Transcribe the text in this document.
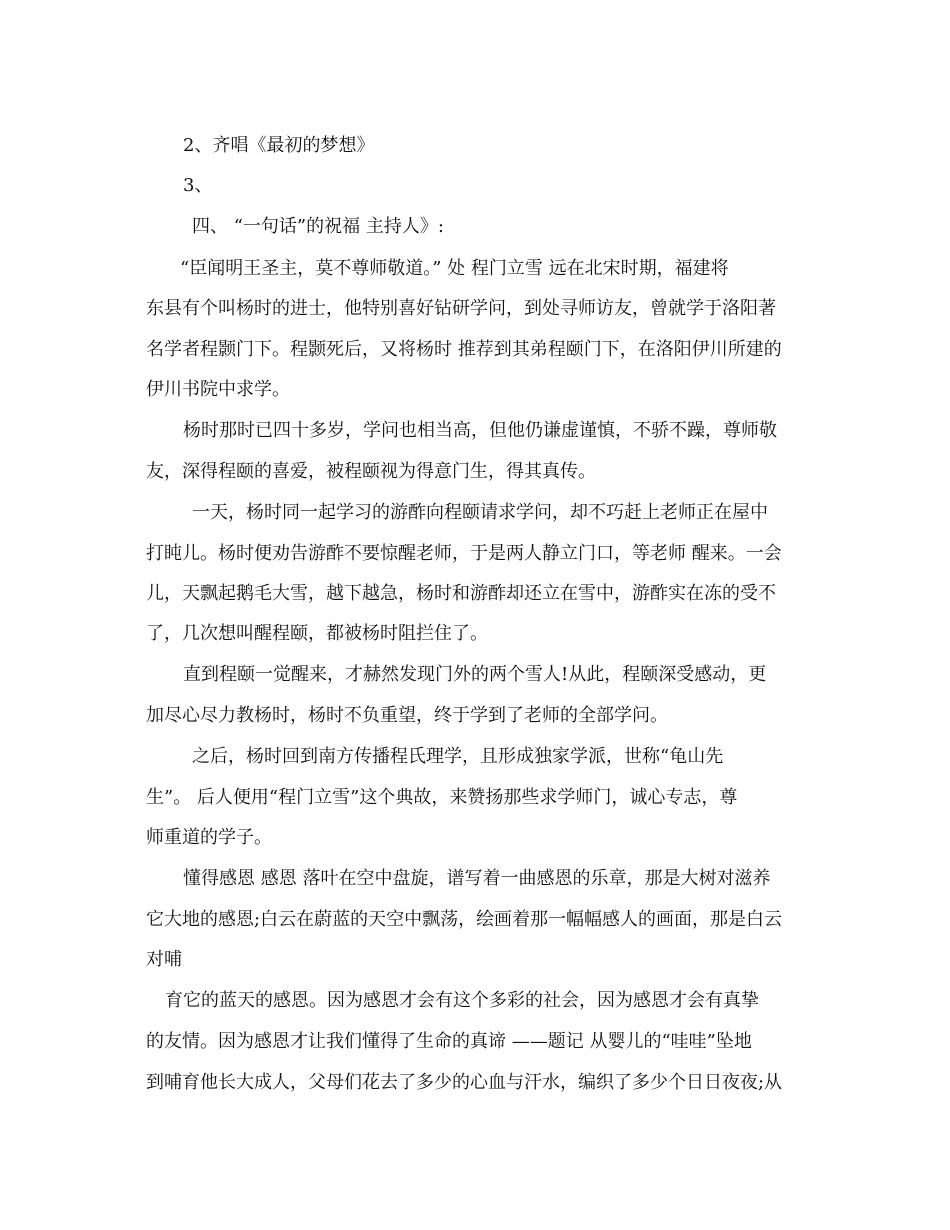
2、齐唱《最初的梦想》
3、
四、 “一句话”的祝福 主持人》:
“臣闻明王圣主，莫不尊师敬道。” 处 程门立雪 远在北宋时期，福建将
东县有个叫杨时的进士，他特别喜好钻研学问，到处寻师访友，曾就学于洛阳著
名学者程颢门下。程颢死后，又将杨时 推荐到其弟程颐门下，在洛阳伊川所建的
伊川书院中求学。
杨时那时已四十多岁，学问也相当高，但他仍谦虚谨慎，不骄不躁，尊师敬
友，深得程颐的喜爱，被程颐视为得意门生，得其真传。
一天，杨时同一起学习的游酢向程颐请求学问，却不巧赶上老师正在屋中
打盹儿。杨时便劝告游酢不要惊醒老师，于是两人静立门口，等老师 醒来。一会
儿，天飘起鹅毛大雪，越下越急，杨时和游酢却还立在雪中，游酢实在冻的受不
了，几次想叫醒程颐，都被杨时阻拦住了。
直到程颐一觉醒来，才赫然发现门外的两个雪人!从此，程颐深受感动，更
加尽心尽力教杨时，杨时不负重望，终于学到了老师的全部学问。
之后，杨时回到南方传播程氏理学，且形成独家学派，世称“龟山先
生”。 后人便用“程门立雪”这个典故，来赞扬那些求学师门，诚心专志，尊
师重道的学子。
懂得感恩 感恩 落叶在空中盘旋，谱写着一曲感恩的乐章，那是大树对滋养
它大地的感恩;白云在蔚蓝的天空中飘荡，绘画着那一幅幅感人的画面，那是白云
对哺
育它的蓝天的感恩。因为感恩才会有这个多彩的社会，因为感恩才会有真挚
的友情。因为感恩才让我们懂得了生命的真谛 ——题记 从婴儿的“哇哇”坠地
到哺育他长大成人，父母们花去了多少的心血与汗水，编织了多少个日日夜夜;从
